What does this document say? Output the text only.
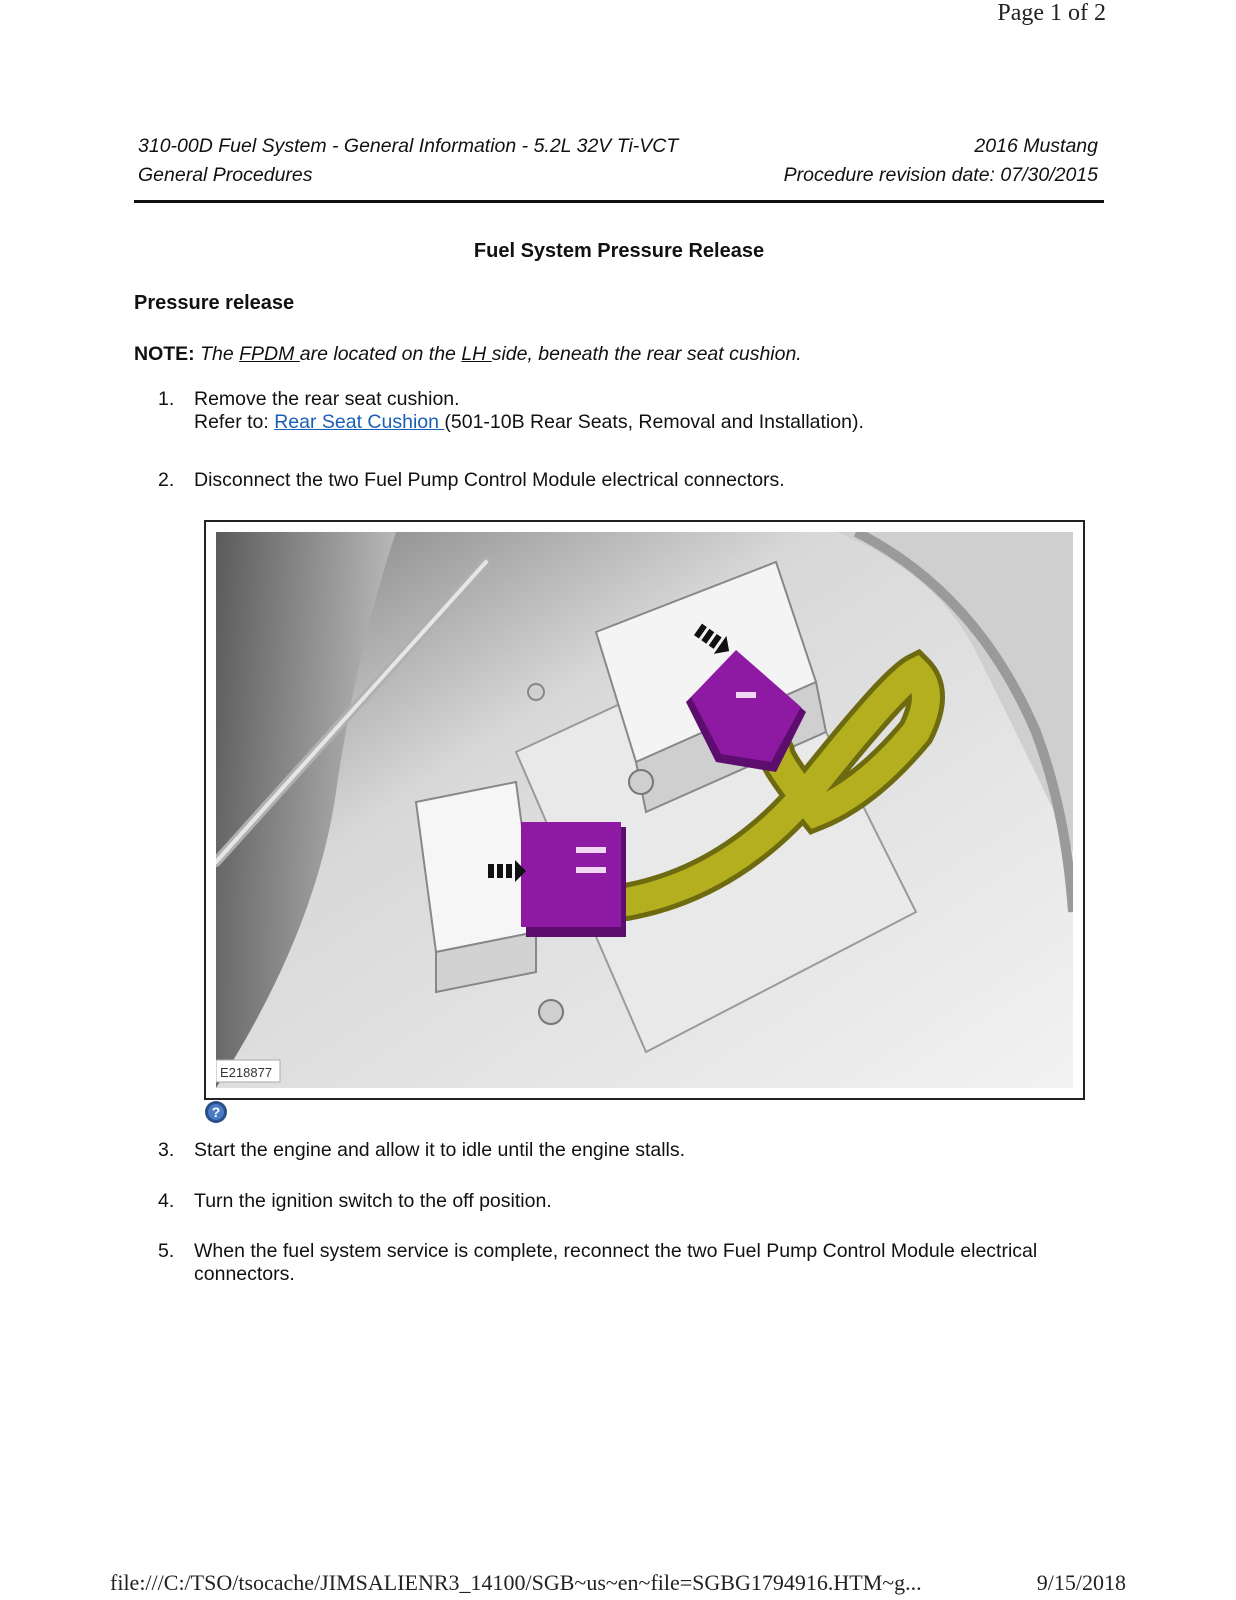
Page 1 of 2
310-00D Fuel System - General Information - 5.2L 32V Ti-VCT
General Procedures
2016 Mustang
Procedure revision date: 07/30/2015
Fuel System Pressure Release
Pressure release
NOTE: The FPDM are located on the LH side, beneath the rear seat cushion.
1.	Remove the rear seat cushion.
Refer to: Rear Seat Cushion (501-10B Rear Seats, Removal and Installation).
2.	Disconnect the two Fuel Pump Control Module electrical connectors.
E218877
?
3.	Start the engine and allow it to idle until the engine stalls.
4.	Turn the ignition switch to the off position.
5.	When the fuel system service is complete, reconnect the two Fuel Pump Control Module electrical connectors.
file:///C:/TSO/tsocache/JIMSALIENR3_14100/SGB~us~en~file=SGBG1794916.HTM~g...	9/15/2018
